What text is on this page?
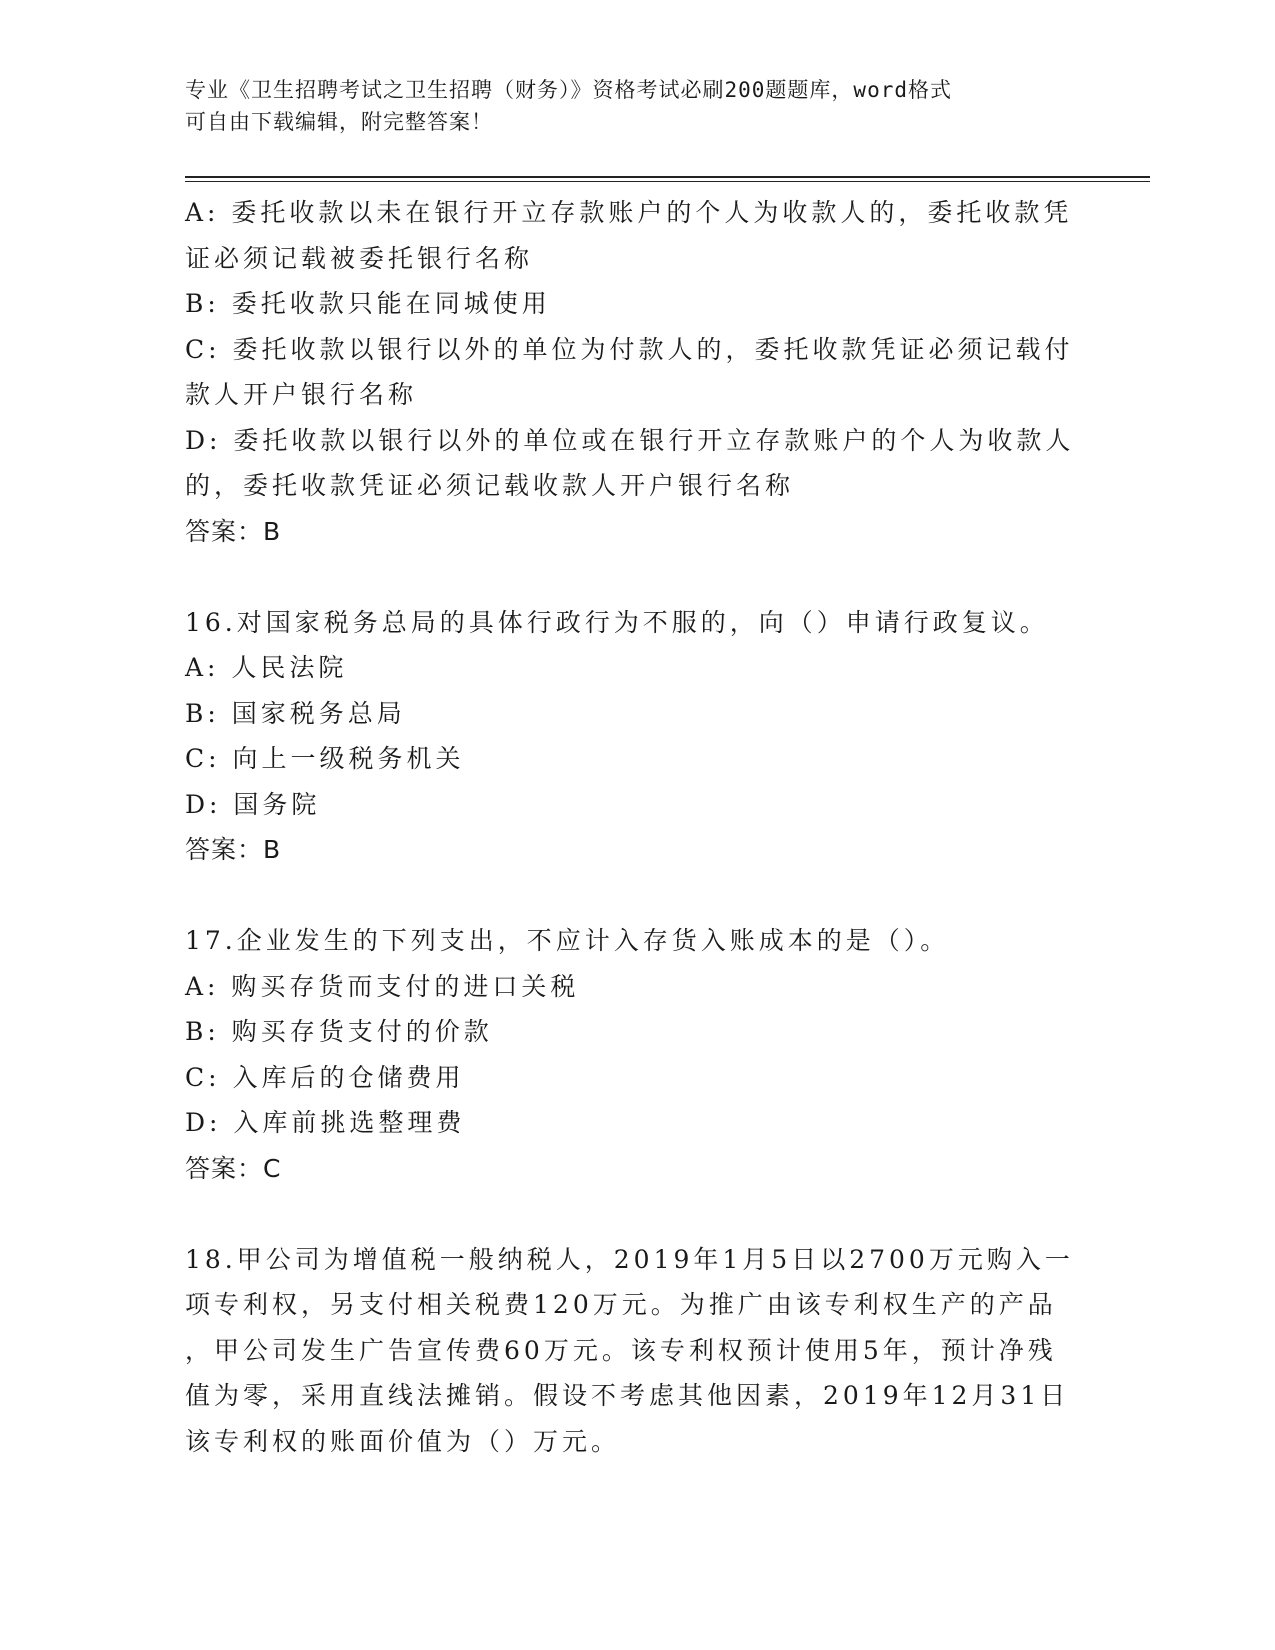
专业《卫生招聘考试之卫生招聘（财务）》资格考试必刷200题题库，word格式
可自由下载编辑，附完整答案！
A: 委托收款以未在银行开立存款账户的个人为收款人的，委托收款凭
证必须记载被委托银行名称
B: 委托收款只能在同城使用
C: 委托收款以银行以外的单位为付款人的，委托收款凭证必须记载付
款人开户银行名称
D: 委托收款以银行以外的单位或在银行开立存款账户的个人为收款人
的，委托收款凭证必须记载收款人开户银行名称
答案：B
16.对国家税务总局的具体行政行为不服的，向（）申请行政复议。
A: 人民法院
B: 国家税务总局
C: 向上一级税务机关
D: 国务院
答案：B
17.企业发生的下列支出，不应计入存货入账成本的是（）。
A: 购买存货而支付的进口关税
B: 购买存货支付的价款
C: 入库后的仓储费用
D: 入库前挑选整理费
答案：C
18.甲公司为增值税一般纳税人，2019年1月5日以2700万元购入一
项专利权，另支付相关税费120万元。为推广由该专利权生产的产品
，甲公司发生广告宣传费60万元。该专利权预计使用5年，预计净残
值为零，采用直线法摊销。假设不考虑其他因素，2019年12月31日
该专利权的账面价值为（）万元。
